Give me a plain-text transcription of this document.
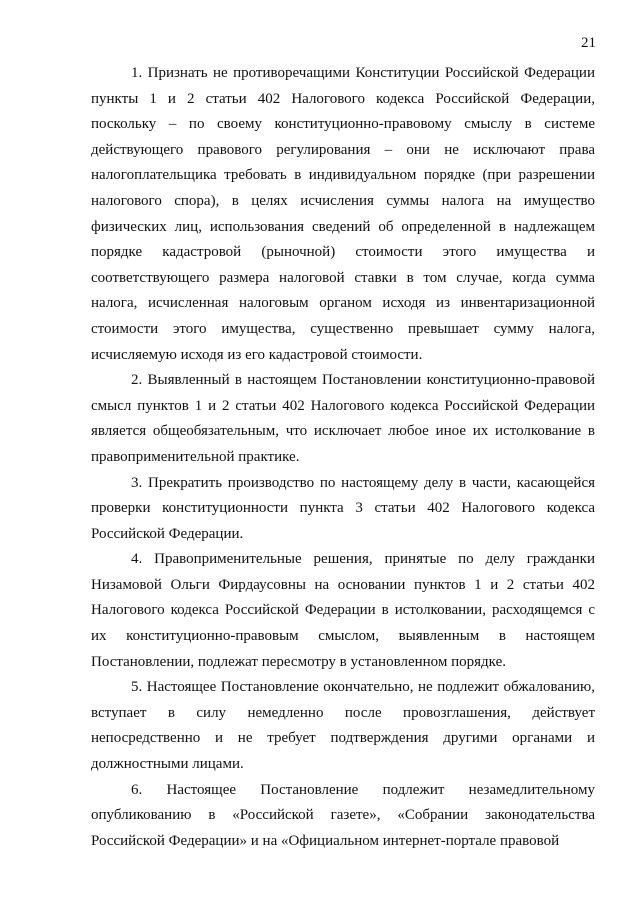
21

1. Признать не противоречащими Конституции Российской Федерации пункты 1 и 2 статьи 402 Налогового кодекса Российской Федерации, поскольку – по своему конституционно-правовому смыслу в системе действующего правового регулирования – они не исключают права налогоплательщика требовать в индивидуальном порядке (при разрешении налогового спора), в целях исчисления суммы налога на имущество физических лиц, использования сведений об определенной в надлежащем порядке кадастровой (рыночной) стоимости этого имущества и соответствующего размера налоговой ставки в том случае, когда сумма налога, исчисленная налоговым органом исходя из инвентаризационной стоимости этого имущества, существенно превышает сумму налога, исчисляемую исходя из его кадастровой стоимости.

2. Выявленный в настоящем Постановлении конституционно-правовой смысл пунктов 1 и 2 статьи 402 Налогового кодекса Российской Федерации является общеобязательным, что исключает любое иное их истолкование в правоприменительной практике.

3. Прекратить производство по настоящему делу в части, касающейся проверки конституционности пункта 3 статьи 402 Налогового кодекса Российской Федерации.

4. Правоприменительные решения, принятые по делу гражданки Низамовой Ольги Фирдаусовны на основании пунктов 1 и 2 статьи 402 Налогового кодекса Российской Федерации в истолковании, расходящемся с их конституционно-правовым смыслом, выявленным в настоящем Постановлении, подлежат пересмотру в установленном порядке.

5. Настоящее Постановление окончательно, не подлежит обжалованию, вступает в силу немедленно после провозглашения, действует непосредственно и не требует подтверждения другими органами и должностными лицами.

6. Настоящее Постановление подлежит незамедлительному опубликованию в «Российской газете», «Собрании законодательства Российской Федерации» и на «Официальном интернет-портале правовой
